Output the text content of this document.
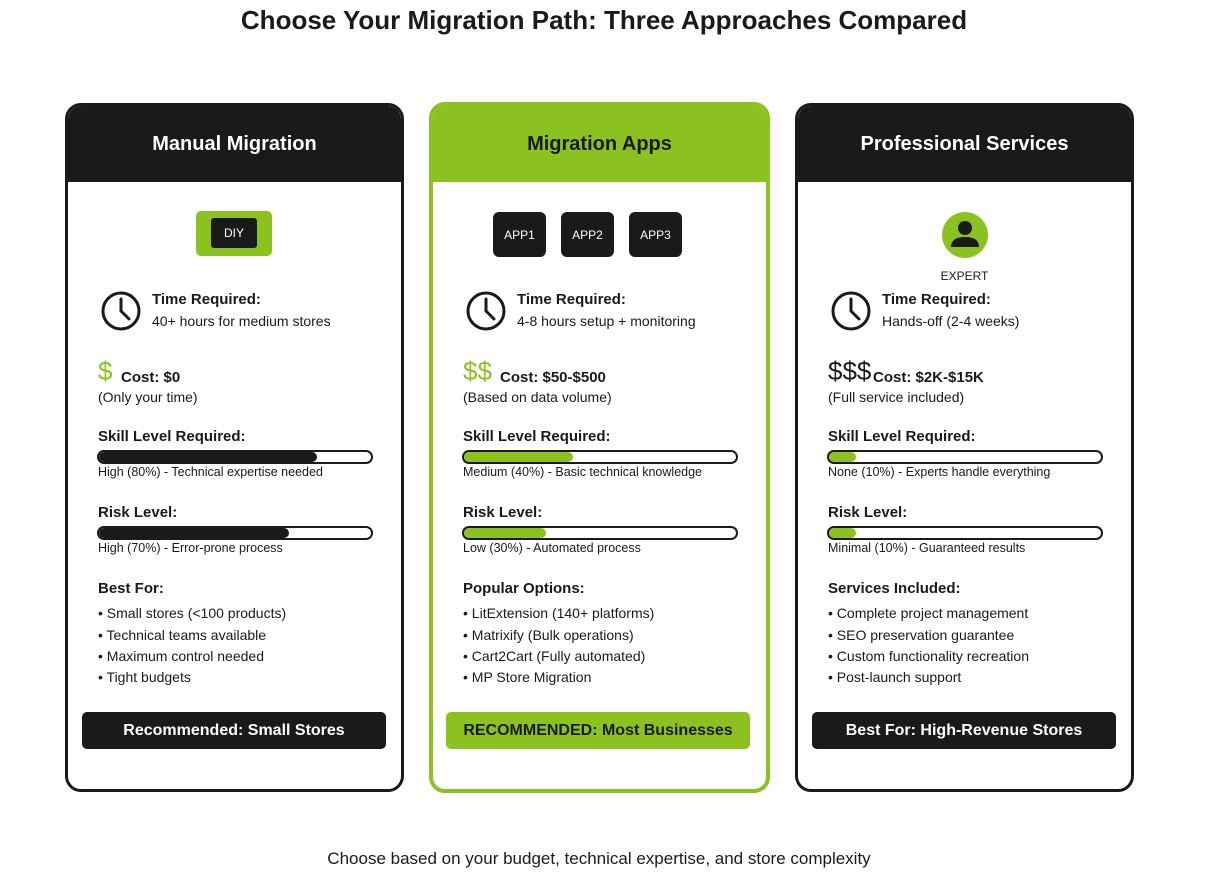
Choose Your Migration Path: Three Approaches Compared
Manual Migration
DIY
Time Required:
40+ hours for medium stores
$ Cost: $0
(Only your time)
Skill Level Required:
High (80%) - Technical expertise needed
Risk Level:
High (70%) - Error-prone process
Best For:
• Small stores (<100 products)
• Technical teams available
• Maximum control needed
• Tight budgets
Recommended: Small Stores
Migration Apps
APP1	APP2	APP3
Time Required:
4-8 hours setup + monitoring
$$ Cost: $50-$500
(Based on data volume)
Skill Level Required:
Medium (40%) - Basic technical knowledge
Risk Level:
Low (30%) - Automated process
Popular Options:
• LitExtension (140+ platforms)
• Matrixify (Bulk operations)
• Cart2Cart (Fully automated)
• MP Store Migration
RECOMMENDED: Most Businesses
Professional Services
EXPERT
Time Required:
Hands-off (2-4 weeks)
$$$ Cost: $2K-$15K
(Full service included)
Skill Level Required:
None (10%) - Experts handle everything
Risk Level:
Minimal (10%) - Guaranteed results
Services Included:
• Complete project management
• SEO preservation guarantee
• Custom functionality recreation
• Post-launch support
Best For: High-Revenue Stores
Choose based on your budget, technical expertise, and store complexity
